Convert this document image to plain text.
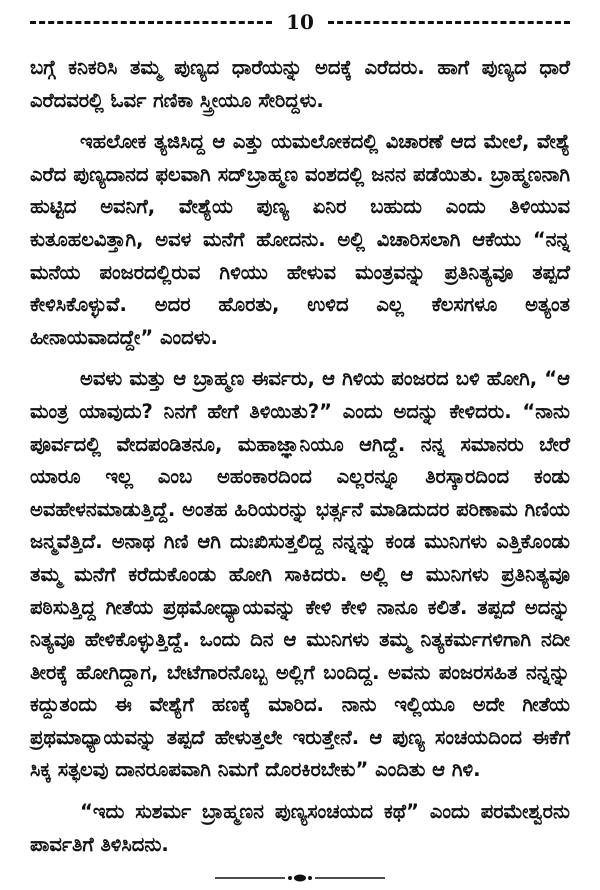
10

ಬಗ್ಗೆ ಕನಿಕರಿಸಿ ತಮ್ಮ ಪುಣ್ಯದ ಧಾರೆಯನ್ನು ಅದಕ್ಕೆ ಎರೆದರು. ಹಾಗೆ ಪುಣ್ಯದ ಧಾರೆ ಎರೆದವರಲ್ಲಿ ಓರ್ವ ಗಣಿಕಾ ಸ್ತ್ರೀಯೂ ಸೇರಿದ್ದಳು.

ಇಹಲೋಕ ತ್ಯಜಿಸಿದ್ದ ಆ ಎತ್ತು ಯಮಲೋಕದಲ್ಲಿ ವಿಚಾರಣೆ ಆದ ಮೇಲೆ, ವೇಶ್ಯೆ ಎರೆದ ಪುಣ್ಯದಾನದ ಫಲವಾಗಿ ಸದ್‌ಬ್ರಾಹ್ಮಣ ವಂಶದಲ್ಲಿ ಜನನ ಪಡೆಯಿತು. ಬ್ರಾಹ್ಮಣನಾಗಿ ಹುಟ್ಟಿದ ಅವನಿಗೆ, ವೇಶ್ಯೆಯ ಪುಣ್ಯ ಏನಿರ ಬಹುದು ಎಂದು ತಿಳಿಯುವ ಕುತೂಹಲವಿತ್ತಾಗಿ, ಅವಳ ಮನೆಗೆ ಹೋದನು. ಅಲ್ಲಿ ವಿಚಾರಿಸಲಾಗಿ ಆಕೆಯು “ನನ್ನ ಮನೆಯ ಪಂಜರದಲ್ಲಿರುವ ಗಿಳಿಯು ಹೇಳುವ ಮಂತ್ರವನ್ನು ಪ್ರತಿನಿತ್ಯವೂ ತಪ್ಪದೆ ಕೇಳಿಸಿಕೊಳ್ಳುವೆ. ಅದರ ಹೊರತು, ಉಳಿದ ಎಲ್ಲ ಕೆಲಸಗಳೂ ಅತ್ಯಂತ ಹೀನಾಯವಾದದ್ದೇ” ಎಂದಳು.

ಅವಳು ಮತ್ತು ಆ ಬ್ರಾಹ್ಮಣ ಈರ್ವರು, ಆ ಗಿಳಿಯ ಪಂಜರದ ಬಳಿ ಹೋಗಿ, “ಆ ಮಂತ್ರ ಯಾವುದು? ನಿನಗೆ ಹೇಗೆ ತಿಳಿಯಿತು?” ಎಂದು ಅದನ್ನು ಕೇಳಿದರು. “ನಾನು ಪೂರ್ವದಲ್ಲಿ ವೇದಪಂಡಿತನೂ, ಮಹಾಜ್ಞಾನಿಯೂ ಆಗಿದ್ದೆ. ನನ್ನ ಸಮಾನರು ಬೇರೆ ಯಾರೂ ಇಲ್ಲ ಎಂಬ ಅಹಂಕಾರದಿಂದ ಎಲ್ಲರನ್ನೂ ತಿರಸ್ಕಾರದಿಂದ ಕಂಡು ಅವಹೇಳನಮಾಡುತ್ತಿದ್ದೆ. ಅಂತಹ ಹಿರಿಯರನ್ನು ಭರ್ತ್ಸನೆ ಮಾಡಿದುದರ ಪರಿಣಾಮ ಗಿಣಿಯ ಜನ್ಮವೆತ್ತಿದೆ. ಅನಾಥ ಗಿಣಿ ಆಗಿ ದುಃಖಿಸುತ್ತಲಿದ್ದ ನನ್ನನ್ನು ಕಂಡ ಮುನಿಗಳು ಎತ್ತಿಕೊಂಡು ತಮ್ಮ ಮನೆಗೆ ಕರೆದುಕೊಂಡು ಹೋಗಿ ಸಾಕಿದರು. ಅಲ್ಲಿ ಆ ಮುನಿಗಳು ಪ್ರತಿನಿತ್ಯವೂ ಪಠಿಸುತ್ತಿದ್ದ ಗೀತೆಯ ಪ್ರಥಮೋಧ್ಯಾಯವನ್ನು ಕೇಳಿ ಕೇಳಿ ನಾನೂ ಕಲಿತೆ. ತಪ್ಪದೆ ಅದನ್ನು ನಿತ್ಯವೂ ಹೇಳಿಕೊಳ್ಳುತ್ತಿದ್ದೆ. ಒಂದು ದಿನ ಆ ಮುನಿಗಳು ತಮ್ಮ ನಿತ್ಯಕರ್ಮಗಳಿಗಾಗಿ ನದೀ ತೀರಕ್ಕೆ ಹೋಗಿದ್ದಾಗ, ಬೇಟೆಗಾರನೊಬ್ಬ ಅಲ್ಲಿಗೆ ಬಂದಿದ್ದ. ಅವನು ಪಂಜರಸಹಿತ ನನ್ನನ್ನು ಕದ್ದುತಂದು ಈ ವೇಶ್ಯೆಗೆ ಹಣಕ್ಕೆ ಮಾರಿದ. ನಾನು ಇಲ್ಲಿಯೂ ಅದೇ ಗೀತೆಯ ಪ್ರಥಮಾಧ್ಯಾಯವನ್ನು ತಪ್ಪದೆ ಹೇಳುತ್ತಲೇ ಇರುತ್ತೇನೆ. ಆ ಪುಣ್ಯ ಸಂಚಯದಿಂದ ಈಕೆಗೆ ಸಿಕ್ಕ ಸತ್ಫಲವು ದಾನರೂಪವಾಗಿ ನಿಮಗೆ ದೊರಕಿರಬೇಕು” ಎಂದಿತು ಆ ಗಿಳಿ.

“ಇದು ಸುಶರ್ಮ ಬ್ರಾಹ್ಮಣನ ಪುಣ್ಯಸಂಚಯದ ಕಥೆ” ಎಂದು ಪರಮೇಶ್ವರನು ಪಾರ್ವತಿಗೆ ತಿಳಿಸಿದನು.
